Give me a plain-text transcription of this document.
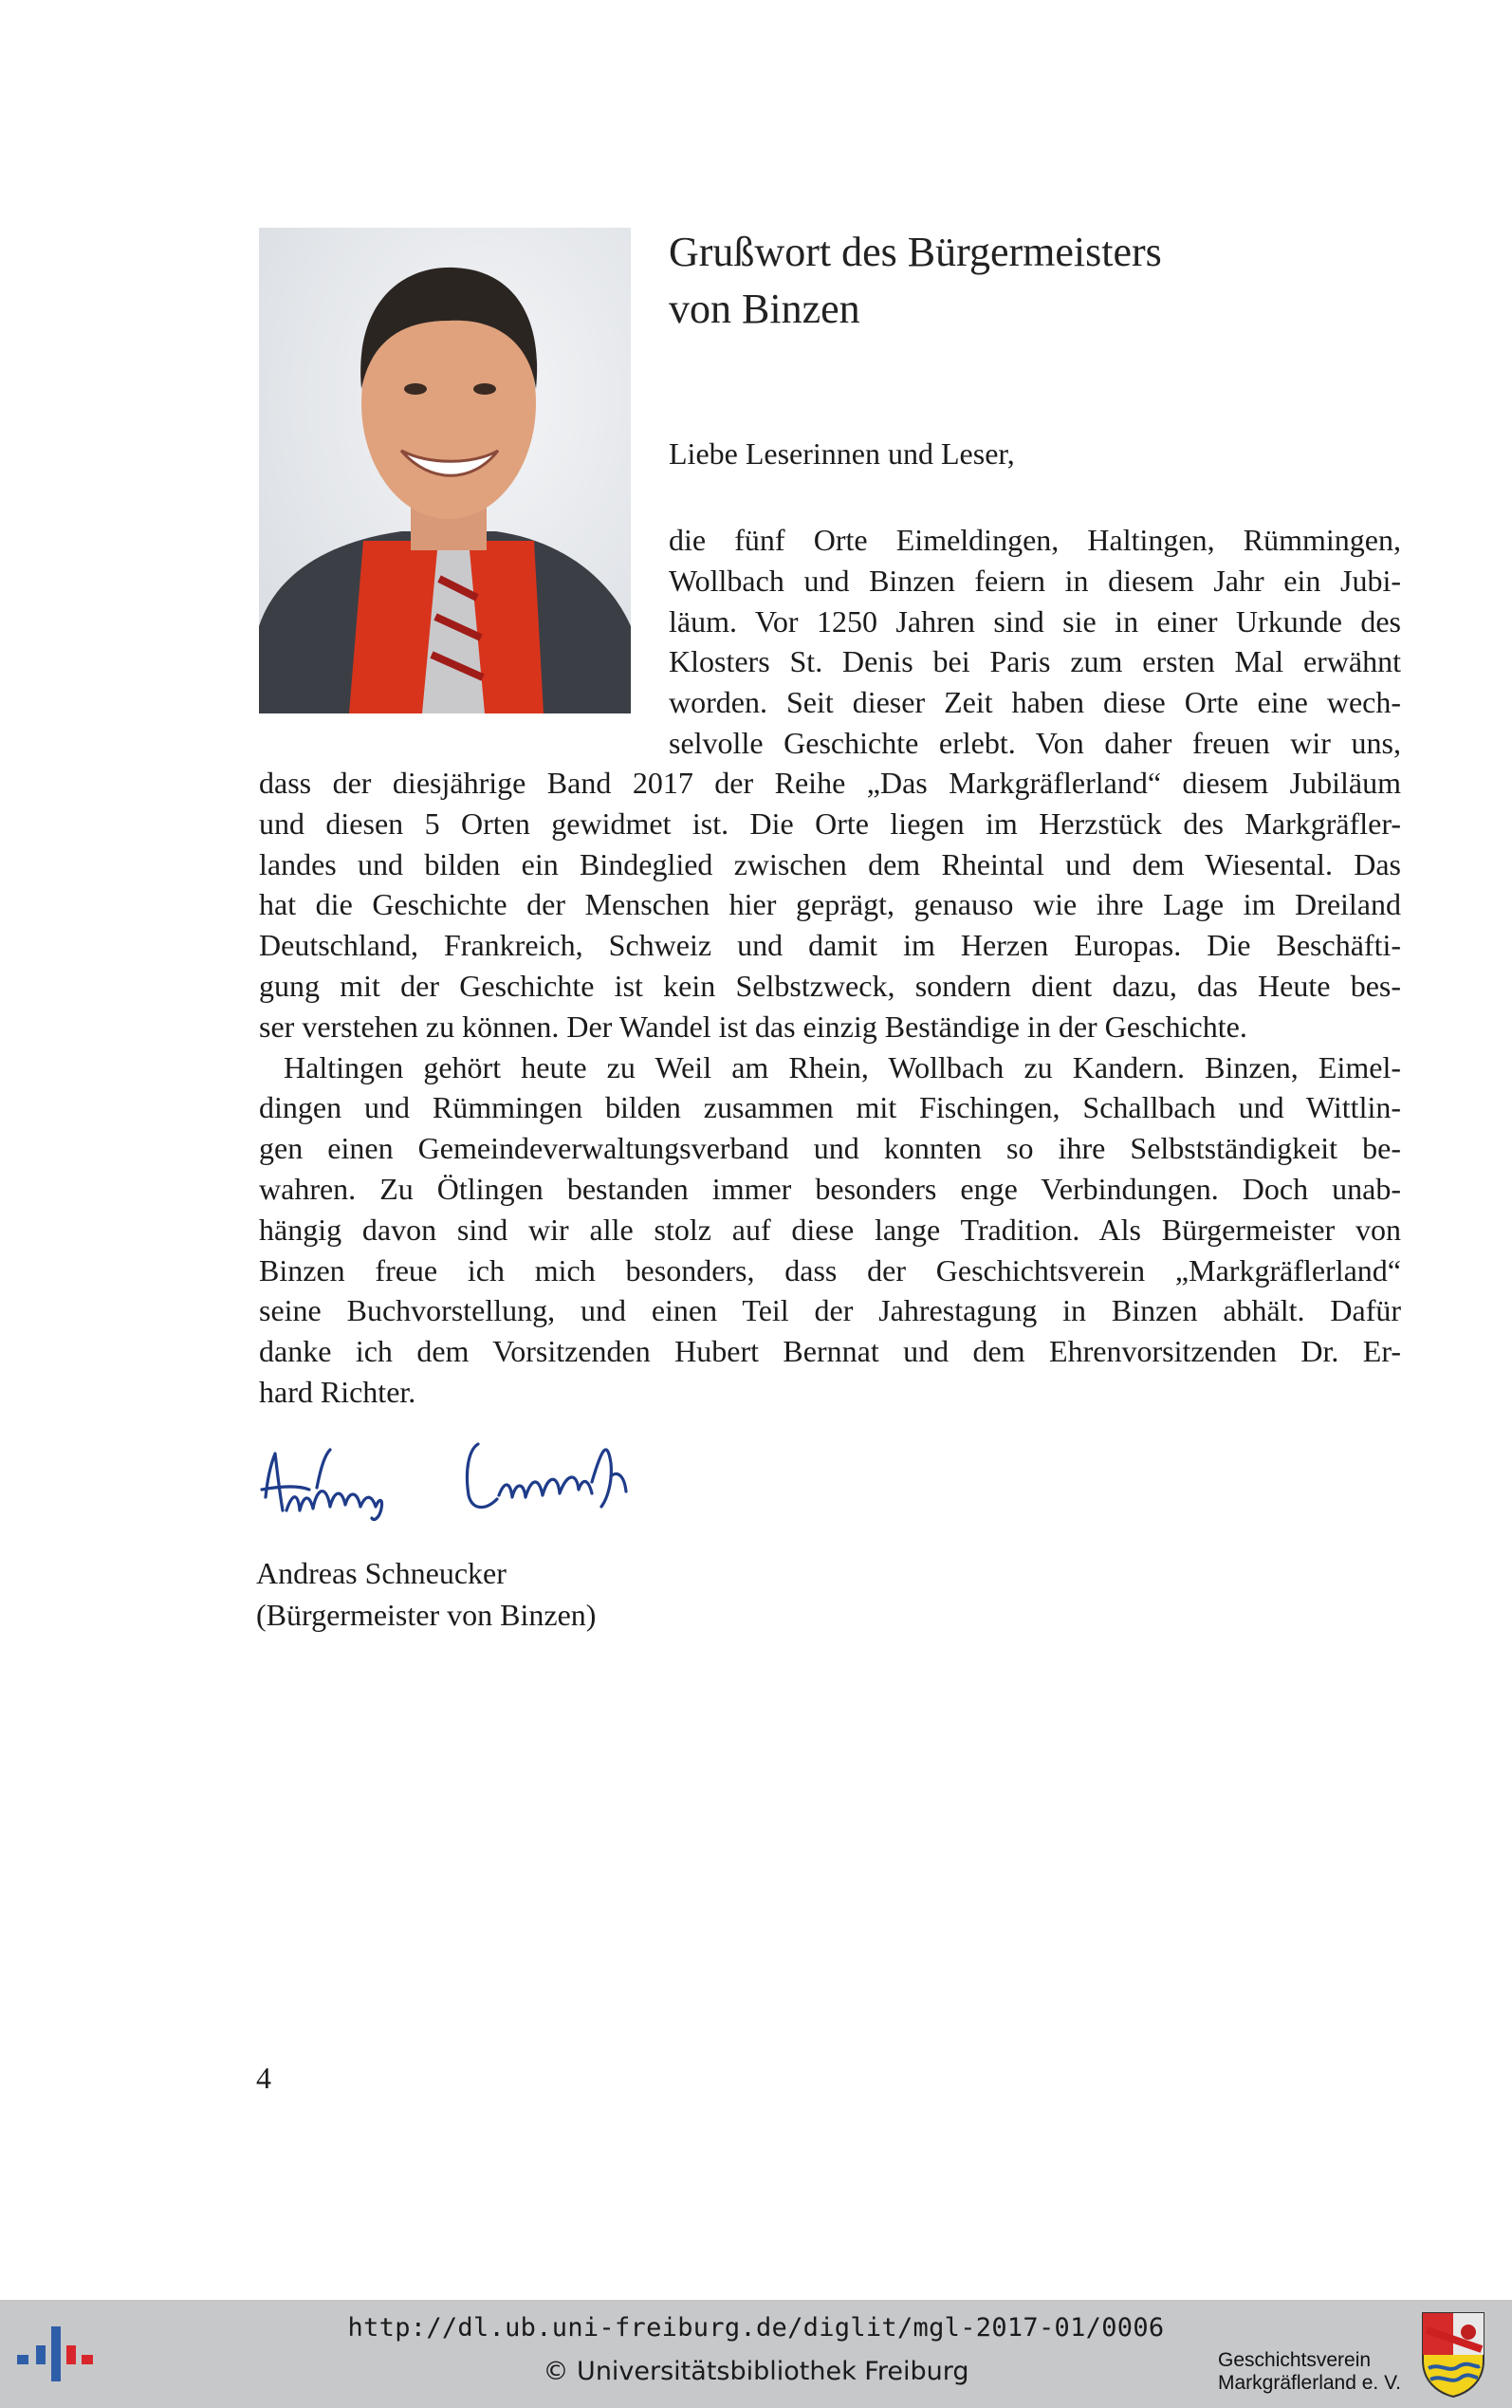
Grußwort des Bürgermeisters
von Binzen
Liebe Leserinnen und Leser,
die fünf Orte Eimeldingen, Haltingen, Rümmingen,
Wollbach und Binzen feiern in diesem Jahr ein Jubi-
läum. Vor 1250 Jahren sind sie in einer Urkunde des
Klosters St. Denis bei Paris zum ersten Mal erwähnt
worden. Seit dieser Zeit haben diese Orte eine wech-
selvolle Geschichte erlebt. Von daher freuen wir uns,
dass der diesjährige Band 2017 der Reihe „Das Markgräflerland“ diesem Jubiläum
und diesen 5 Orten gewidmet ist. Die Orte liegen im Herzstück des Markgräfler-
landes und bilden ein Bindeglied zwischen dem Rheintal und dem Wiesental. Das
hat die Geschichte der Menschen hier geprägt, genauso wie ihre Lage im Dreiland
Deutschland, Frankreich, Schweiz und damit im Herzen Europas. Die Beschäfti-
gung mit der Geschichte ist kein Selbstzweck, sondern dient dazu, das Heute bes-
ser verstehen zu können. Der Wandel ist das einzig Beständige in der Geschichte.
Haltingen gehört heute zu Weil am Rhein, Wollbach zu Kandern. Binzen, Eimel-
dingen und Rümmingen bilden zusammen mit Fischingen, Schallbach und Wittlin-
gen einen Gemeindeverwaltungsverband und konnten so ihre Selbstständigkeit be-
wahren. Zu Ötlingen bestanden immer besonders enge Verbindungen. Doch unab-
hängig davon sind wir alle stolz auf diese lange Tradition. Als Bürgermeister von
Binzen freue ich mich besonders, dass der Geschichtsverein „Markgräflerland“
seine Buchvorstellung, und einen Teil der Jahrestagung in Binzen abhält. Dafür
danke ich dem Vorsitzenden Hubert Bernnat und dem Ehrenvorsitzenden Dr. Er-
hard Richter.
Andreas Schneucker
(Bürgermeister von Binzen)
4
http://dl.ub.uni-freiburg.de/diglit/mgl-2017-01/0006
© Universitätsbibliothek Freiburg	Geschichtsverein
Markgräflerland e. V.
